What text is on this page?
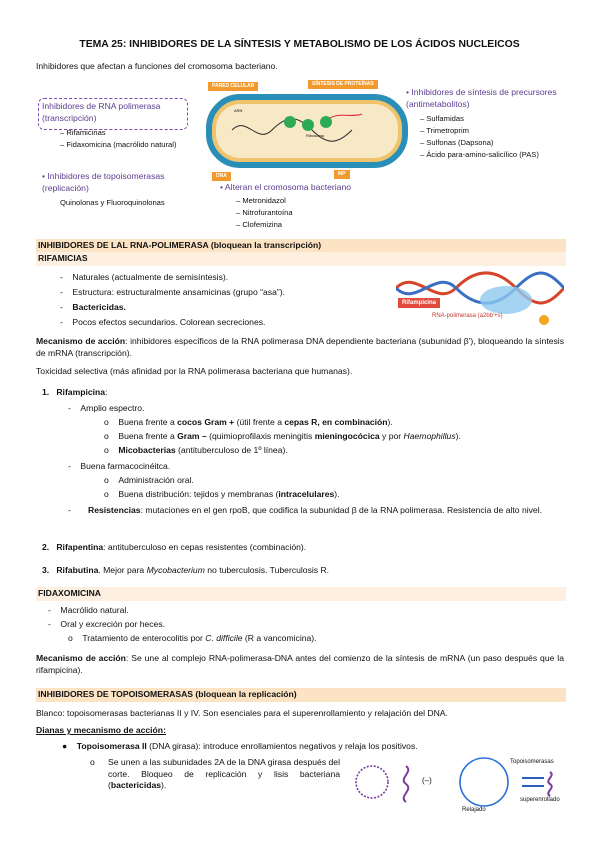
TEMA 25: INHIBIDORES DE LA SÍNTESIS Y METABOLISMO DE LOS ÁCIDOS NUCLEICOS
Inhibidores que afectan a funciones del cromosoma bacteriano.
Inhibidores de RNA polimerasa (transcripción)
– Rifamicinas
– Fidaxomicina (macrólido natural)
• Inhibidores de topoisomerasas (replicación)
Quinolonas y Fluoroquinolonas
ARN
Ribosoma
PARED CELULAR	SÍNTESIS DE PROTEÍNAS
DNA	MP
• Alteran el cromosoma bacteriano
– Metronidazol
– Nitrofurantoína
– Clofemizina
• Inhibidores de síntesis de precursores (antimetabolitos)
– Sulfamidas
– Trimetroprim
– Sulfonas (Dapsona)
– Ácido para-amino-salicílico (PAS)
INHIBIDORES DE LAL RNA-POLIMERASA (bloquean la transcripción)
RIFAMICIAS
-    Naturales (actualmente de semisíntesis).
-    Estructura: estructuralmente ansamicinas (grupo “asa”).
-    Bactericidas.
-    Pocos efectos secundarios. Colorean secreciones.
Rifampicina
RNA-polimerasa (a2bb'+s)
Mecanismo de acción: inhibidores específicos de la RNA polimerasa DNA dependiente bacteriana (subunidad β'), bloqueando la síntesis de mRNA (transcripción).
Toxicidad selectiva (más afinidad por la RNA polimerasa bacteriana que humanas).
1. Rifampicina:
-    Amplio espectro.
o    Buena frente a cocos Gram + (útil frente a cepas R, en combinación).
o    Buena frente a Gram – (quimioprofilaxis meningitis mieningocócica y por Haemophillus).
o    Micobacterias (antituberculoso de 1º línea).
-    Buena farmacocinéitca.
o    Administración oral.
o    Buena distribución: tejidos y membranas (intracelulares).
- Resistencias: mutaciones en el gen rpoB, que codifica la subunidad β de la RNA polimerasa. Resistencia de alto nivel.
2. Rifapentina: antituberculoso en cepas resistentes (combinación).
3. Rifabutina. Mejor para Mycobacterium no tuberculosis. Tuberculosis R.
FIDAXOMICINA
-    Macrólido natural.
-    Oral y excreción por heces.
o    Tratamiento de enterocolitis por C. difficile (R a vancomicina).
Mecanismo de acción: Se une al complejo RNA-polimerasa-DNA antes del comienzo de la síntesis de mRNA (un paso después que la rifampicina).
INHIBIDORES DE TOPOISOMERASAS (bloquean la replicación)
Blanco: topoisomerasas bacterianas II y IV. Son esenciales para el superenrollamiento y relajación del DNA.
Dianas y mecanismo de acción:
●    Topoisomerasa II (DNA girasa): introduce enrollamientos negativos y relaja los positivos.
o Se unen a las subunidades 2A de la DNA girasa después del corte. Bloqueo de replicación y lisis bacteriana (bactericidas).	(–)
Topoisomerasas
Relajado
superenrollado
